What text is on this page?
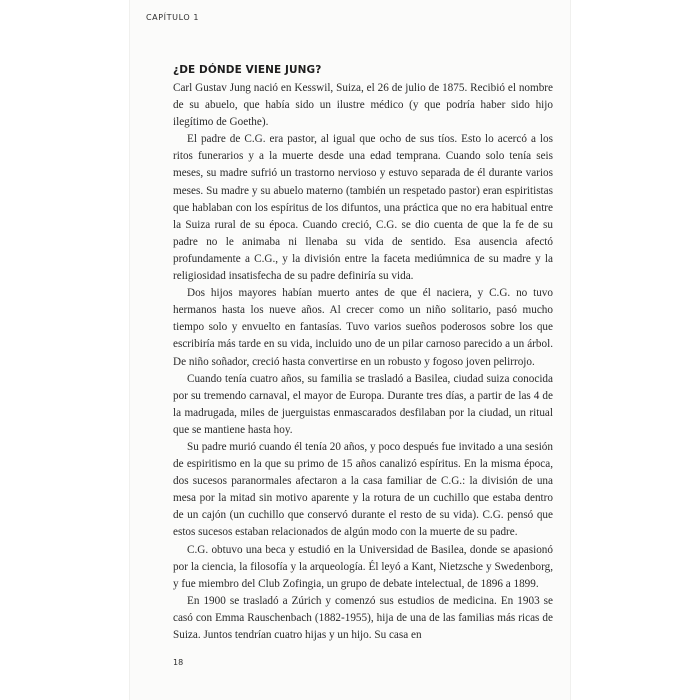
CAPÍTULO 1
¿DE DÓNDE VIENE JUNG?

Carl Gustav Jung nació en Kesswil, Suiza, el 26 de julio de 1875. Recibió el nombre de su abuelo, que había sido un ilustre médico (y que podría haber sido hijo ilegítimo de Goethe).

El padre de C.G. era pastor, al igual que ocho de sus tíos. Esto lo acercó a los ritos funerarios y a la muerte desde una edad temprana. Cuando solo tenía seis meses, su madre sufrió un trastorno nervioso y estuvo separada de él durante varios meses. Su madre y su abuelo materno (también un respetado pastor) eran espiritistas que hablaban con los espíritus de los difuntos, una práctica que no era habitual entre la Suiza rural de su época. Cuando creció, C.G. se dio cuenta de que la fe de su padre no le animaba ni llenaba su vida de sentido. Esa ausencia afectó profundamente a C.G., y la división entre la faceta mediúmnica de su madre y la religiosidad insatisfecha de su padre definiría su vida.

Dos hijos mayores habían muerto antes de que él naciera, y C.G. no tuvo hermanos hasta los nueve años. Al crecer como un niño solitario, pasó mucho tiempo solo y envuelto en fantasías. Tuvo varios sueños poderosos sobre los que escribiría más tarde en su vida, incluido uno de un pilar carnoso parecido a un árbol. De niño soñador, creció hasta convertirse en un robusto y fogoso joven pelirrojo.

Cuando tenía cuatro años, su familia se trasladó a Basilea, ciudad suiza conocida por su tremendo carnaval, el mayor de Europa. Durante tres días, a partir de las 4 de la madrugada, miles de juerguistas enmascarados desfilaban por la ciudad, un ritual que se mantiene hasta hoy.

Su padre murió cuando él tenía 20 años, y poco después fue invitado a una sesión de espiritismo en la que su primo de 15 años canalizó espíritus. En la misma época, dos sucesos paranormales afectaron a la casa familiar de C.G.: la división de una mesa por la mitad sin motivo aparente y la rotura de un cuchillo que estaba dentro de un cajón (un cuchillo que conservó durante el resto de su vida). C.G. pensó que estos sucesos estaban relacionados de algún modo con la muerte de su padre.

C.G. obtuvo una beca y estudió en la Universidad de Basilea, donde se apasionó por la ciencia, la filosofía y la arqueología. Él leyó a Kant, Nietzsche y Swedenborg, y fue miembro del Club Zofingia, un grupo de debate intelectual, de 1896 a 1899.

En 1900 se trasladó a Zúrich y comenzó sus estudios de medicina. En 1903 se casó con Emma Rauschenbach (1882-1955), hija de una de las familias más ricas de Suiza. Juntos tendrían cuatro hijas y un hijo. Su casa en

18
